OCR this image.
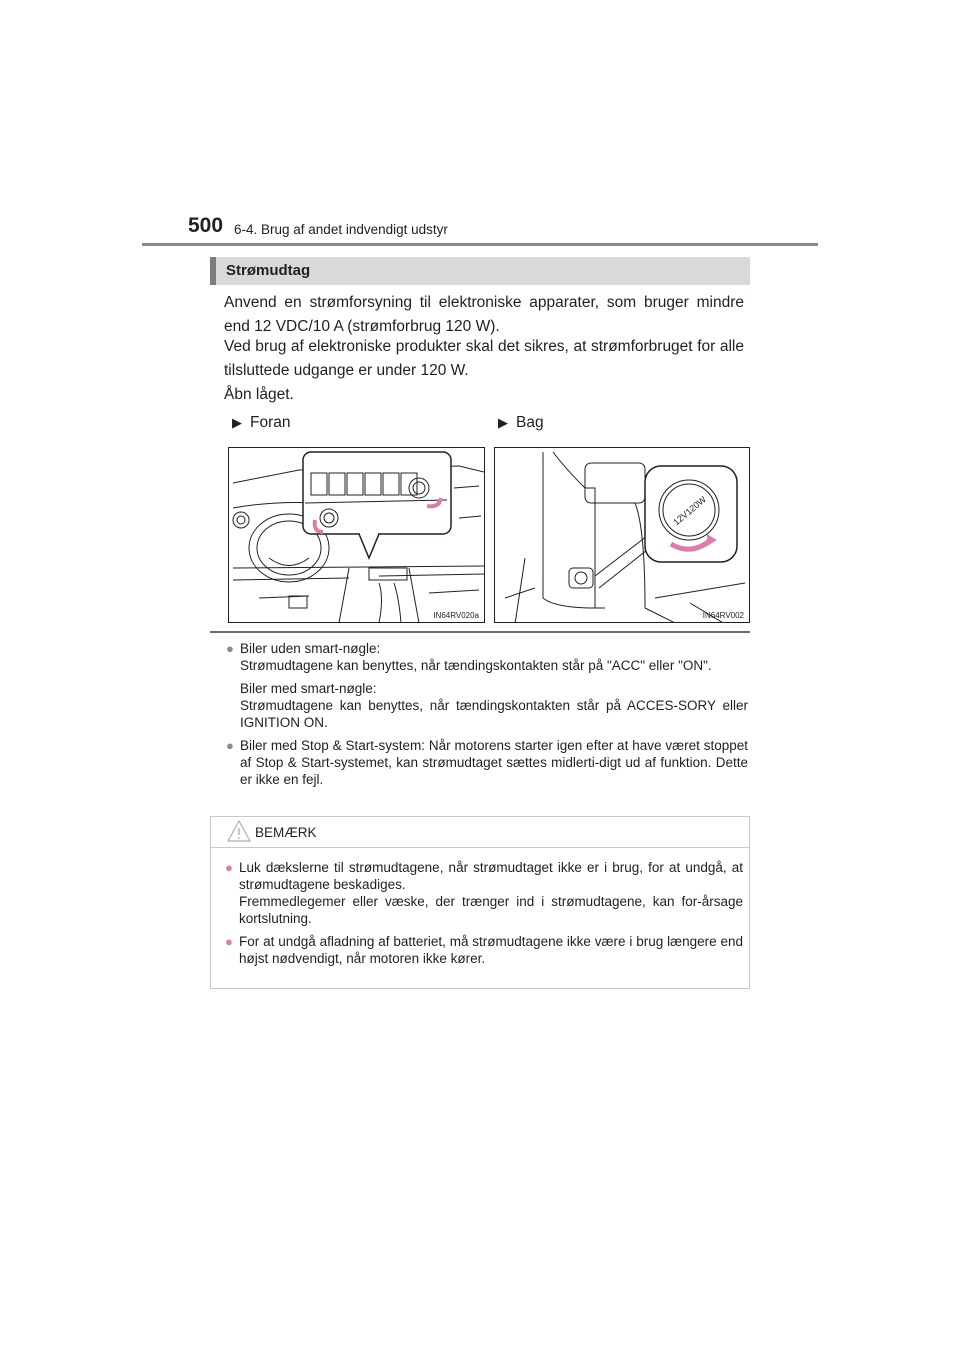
500 6-4. Brug af andet indvendigt udstyr
Strømudtag
Anvend en strømforsyning til elektroniske apparater, som bruger mindre end 12 VDC/10 A (strømforbrug 120 W).
Ved brug af elektroniske produkter skal det sikres, at strømforbruget for alle tilsluttede udgange er under 120 W.
Åbn låget.
▶ Foran	▶ Bag
IN64RV020a
12V120W
IN64RV002
● Biler uden smart-nøgle:
Strømudtagene kan benyttes, når tændingskontakten står på "ACC" eller "ON".
Biler med smart-nøgle:
Strømudtagene kan benyttes, når tændingskontakten står på ACCES-SORY eller IGNITION ON.
● Biler med Stop & Start-system: Når motorens starter igen efter at have været stoppet af Stop & Start-systemet, kan strømudtaget sættes midlerti-digt ud af funktion. Dette er ikke en fejl.
BEMÆRK
● Luk dækslerne til strømudtagene, når strømudtaget ikke er i brug, for at undgå, at strømudtagene beskadiges.
Fremmedlegemer eller væske, der trænger ind i strømudtagene, kan for-årsage kortslutning.
● For at undgå afladning af batteriet, må strømudtagene ikke være i brug længere end højst nødvendigt, når motoren ikke kører.
